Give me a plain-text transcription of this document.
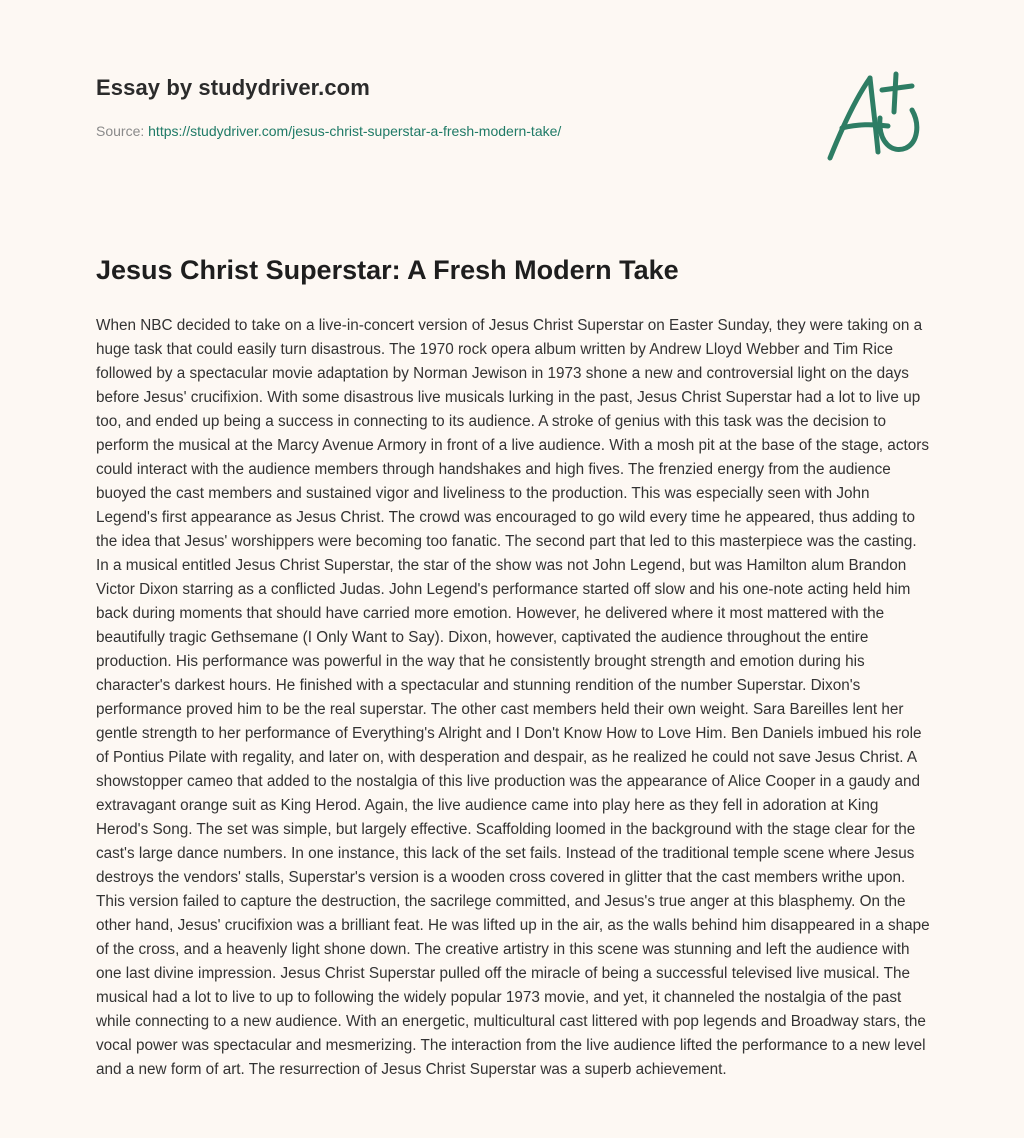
Essay by studydriver.com
Source: https://studydriver.com/jesus-christ-superstar-a-fresh-modern-take/
Jesus Christ Superstar: A Fresh Modern Take

When NBC decided to take on a live-in-concert version of Jesus Christ Superstar on Easter Sunday, they were taking on a huge task that could easily turn disastrous. The 1970 rock opera album written by Andrew Lloyd Webber and Tim Rice followed by a spectacular movie adaptation by Norman Jewison in 1973 shone a new and controversial light on the days before Jesus' crucifixion. With some disastrous live musicals lurking in the past, Jesus Christ Superstar had a lot to live up too, and ended up being a success in connecting to its audience. A stroke of genius with this task was the decision to perform the musical at the Marcy Avenue Armory in front of a live audience. With a mosh pit at the base of the stage, actors could interact with the audience members through handshakes and high fives. The frenzied energy from the audience buoyed the cast members and sustained vigor and liveliness to the production. This was especially seen with John Legend's first appearance as Jesus Christ. The crowd was encouraged to go wild every time he appeared, thus adding to the idea that Jesus' worshippers were becoming too fanatic. The second part that led to this masterpiece was the casting. In a musical entitled Jesus Christ Superstar, the star of the show was not John Legend, but was Hamilton alum Brandon Victor Dixon starring as a conflicted Judas. John Legend's performance started off slow and his one-note acting held him back during moments that should have carried more emotion. However, he delivered where it most mattered with the beautifully tragic Gethsemane (I Only Want to Say). Dixon, however, captivated the audience throughout the entire production. His performance was powerful in the way that he consistently brought strength and emotion during his character's darkest hours. He finished with a spectacular and stunning rendition of the number Superstar. Dixon's performance proved him to be the real superstar. The other cast members held their own weight. Sara Bareilles lent her gentle strength to her performance of Everything's Alright and I Don't Know How to Love Him. Ben Daniels imbued his role of Pontius Pilate with regality, and later on, with desperation and despair, as he realized he could not save Jesus Christ. A showstopper cameo that added to the nostalgia of this live production was the appearance of Alice Cooper in a gaudy and extravagant orange suit as King Herod. Again, the live audience came into play here as they fell in adoration at King Herod's Song. The set was simple, but largely effective. Scaffolding loomed in the background with the stage clear for the cast's large dance numbers. In one instance, this lack of the set fails. Instead of the traditional temple scene where Jesus destroys the vendors' stalls, Superstar's version is a wooden cross covered in glitter that the cast members writhe upon. This version failed to capture the destruction, the sacrilege committed, and Jesus's true anger at this blasphemy. On the other hand, Jesus' crucifixion was a brilliant feat. He was lifted up in the air, as the walls behind him disappeared in a shape of the cross, and a heavenly light shone down. The creative artistry in this scene was stunning and left the audience with one last divine impression. Jesus Christ Superstar pulled off the miracle of being a successful televised live musical. The musical had a lot to live to up to following the widely popular 1973 movie, and yet, it channeled the nostalgia of the past while connecting to a new audience. With an energetic, multicultural cast littered with pop legends and Broadway stars, the vocal power was spectacular and mesmerizing. The interaction from the live audience lifted the performance to a new level and a new form of art. The resurrection of Jesus Christ Superstar was a superb achievement.
